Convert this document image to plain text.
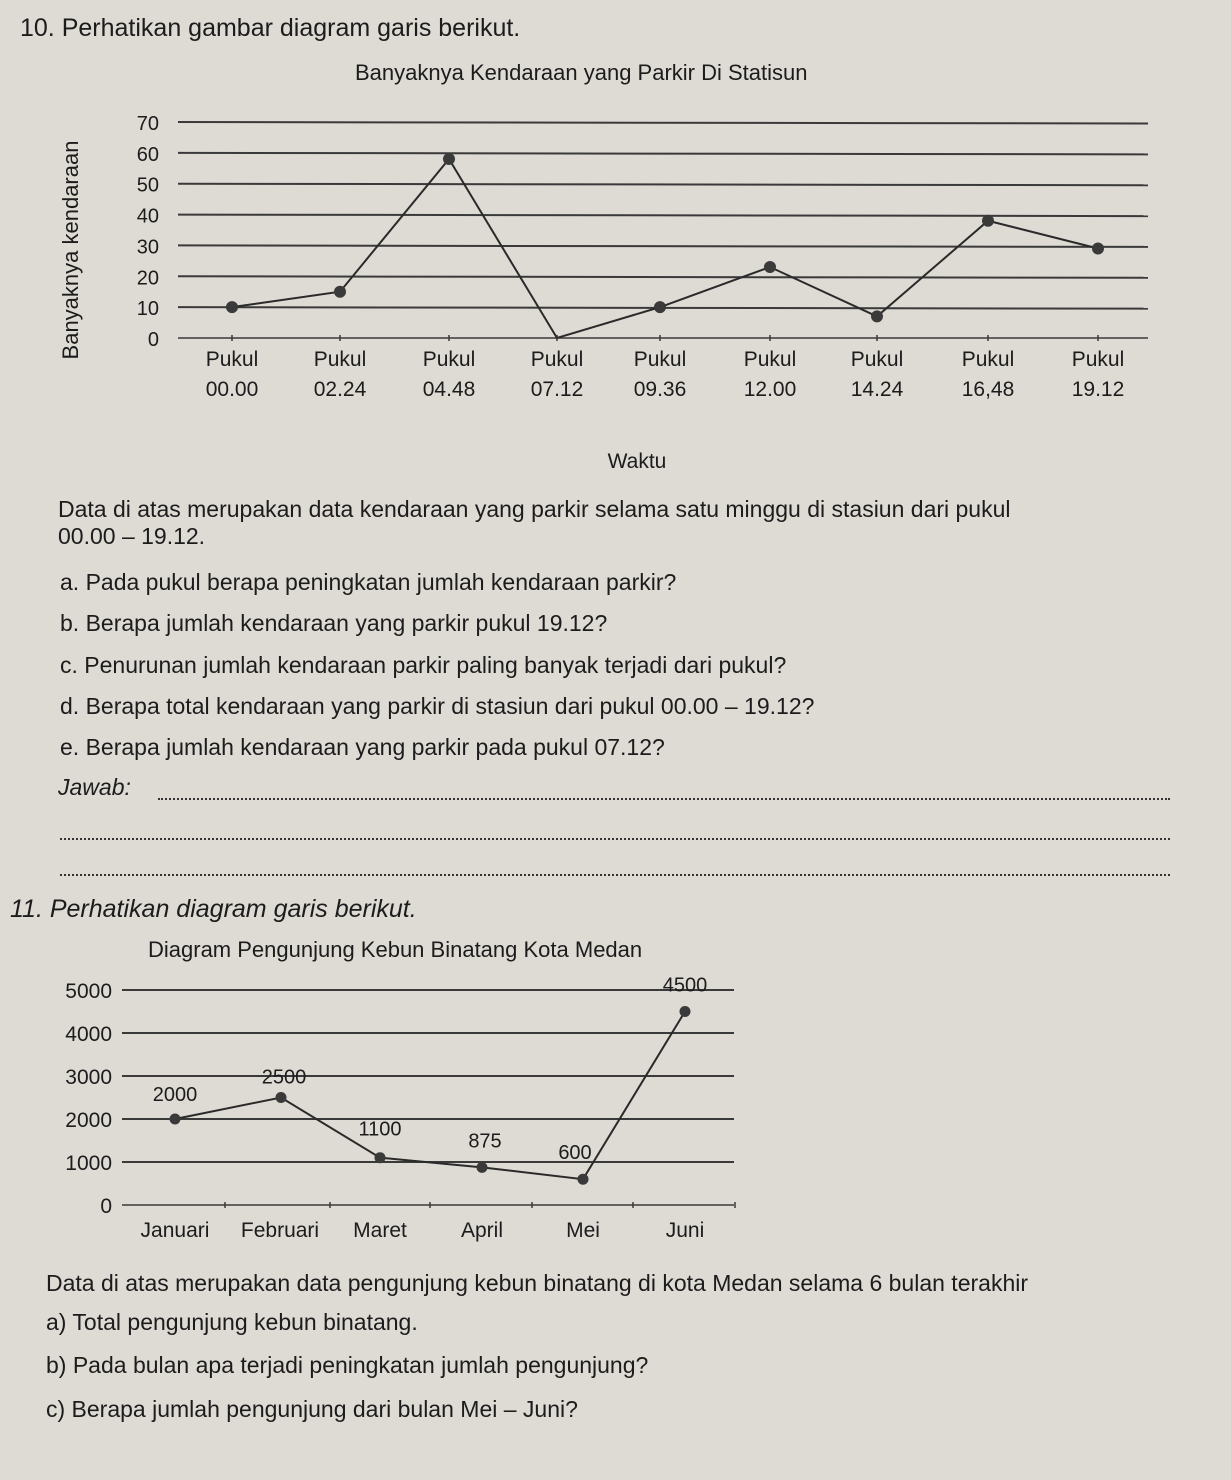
10. Perhatikan gambar diagram garis berikut.
Banyaknya Kendaraan yang Parkir Di Statisun
0
10
20
30
40
50
60
70
Banyaknya kendaraan
Pukul
00.00
Pukul
02.24
Pukul
04.48
Pukul
07.12
Pukul
09.36
Pukul
12.00
Pukul
14.24
Pukul
16,48
Pukul
19.12
Waktu
Data di atas merupakan data kendaraan yang parkir selama satu minggu di stasiun dari pukul
00.00 – 19.12.
a. Pada pukul berapa peningkatan jumlah kendaraan parkir?
b. Berapa jumlah kendaraan yang parkir pukul 19.12?
c. Penurunan jumlah kendaraan parkir paling banyak terjadi dari pukul?
d. Berapa total kendaraan yang parkir di stasiun dari pukul 00.00 – 19.12?
e. Berapa jumlah kendaraan yang parkir pada pukul 07.12?
Jawab:
11. Perhatikan diagram garis berikut.
Diagram Pengunjung Kebun Binatang Kota Medan
0
1000
2000
3000
4000
5000
Januari Februari Maret	April	Mei	Juni
2000
2500
1100
875
600
4500
Data di atas merupakan data pengunjung kebun binatang di kota Medan selama 6 bulan terakhir
a) Total pengunjung kebun binatang.
b) Pada bulan apa terjadi peningkatan jumlah pengunjung?
c) Berapa jumlah pengunjung dari bulan Mei – Juni?
